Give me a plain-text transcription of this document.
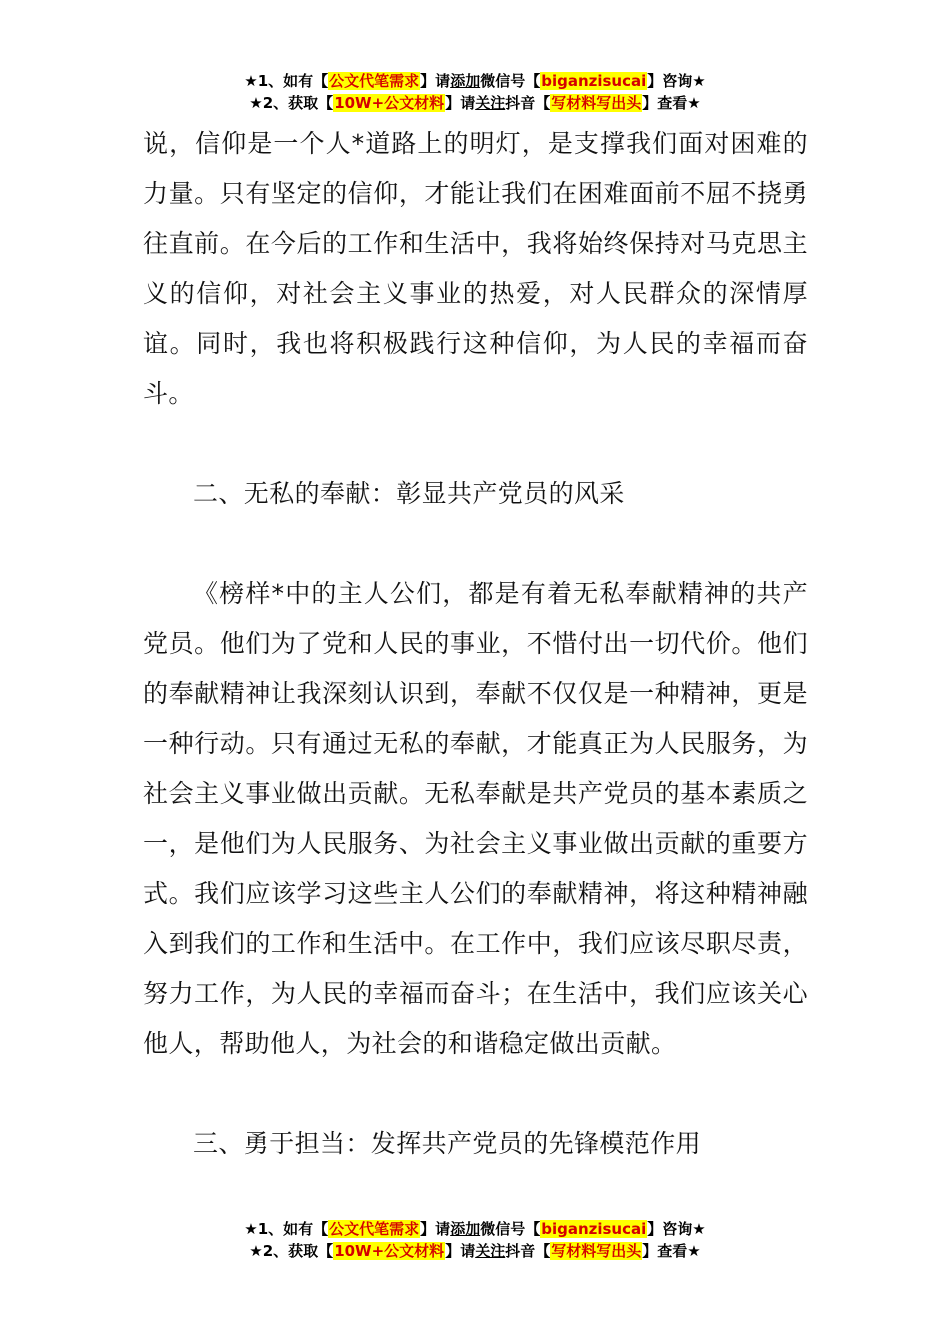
★1、如有【公文代笔需求】请添加微信号【biganzisucai】咨询★
★2、获取【10W+公文材料】请关注抖音【写材料写出头】查看★

说，信仰是一个人*道路上的明灯，是支撑我们面对困难的力量。只有坚定的信仰，才能让我们在困难面前不屈不挠勇往直前。在今后的工作和生活中，我将始终保持对马克思主义的信仰，对社会主义事业的热爱，对人民群众的深情厚谊。同时，我也将积极践行这种信仰，为人民的幸福而奋斗。

二、无私的奉献：彰显共产党员的风采

《榜样*中的主人公们，都是有着无私奉献精神的共产党员。他们为了党和人民的事业，不惜付出一切代价。他们的奉献精神让我深刻认识到，奉献不仅仅是一种精神，更是一种行动。只有通过无私的奉献，才能真正为人民服务，为社会主义事业做出贡献。无私奉献是共产党员的基本素质之一，是他们为人民服务、为社会主义事业做出贡献的重要方式。我们应该学习这些主人公们的奉献精神，将这种精神融入到我们的工作和生活中。在工作中，我们应该尽职尽责，努力工作，为人民的幸福而奋斗；在生活中，我们应该关心他人，帮助他人，为社会的和谐稳定做出贡献。

三、勇于担当：发挥共产党员的先锋模范作用

★1、如有【公文代笔需求】请添加微信号【biganzisucai】咨询★
★2、获取【10W+公文材料】请关注抖音【写材料写出头】查看★
